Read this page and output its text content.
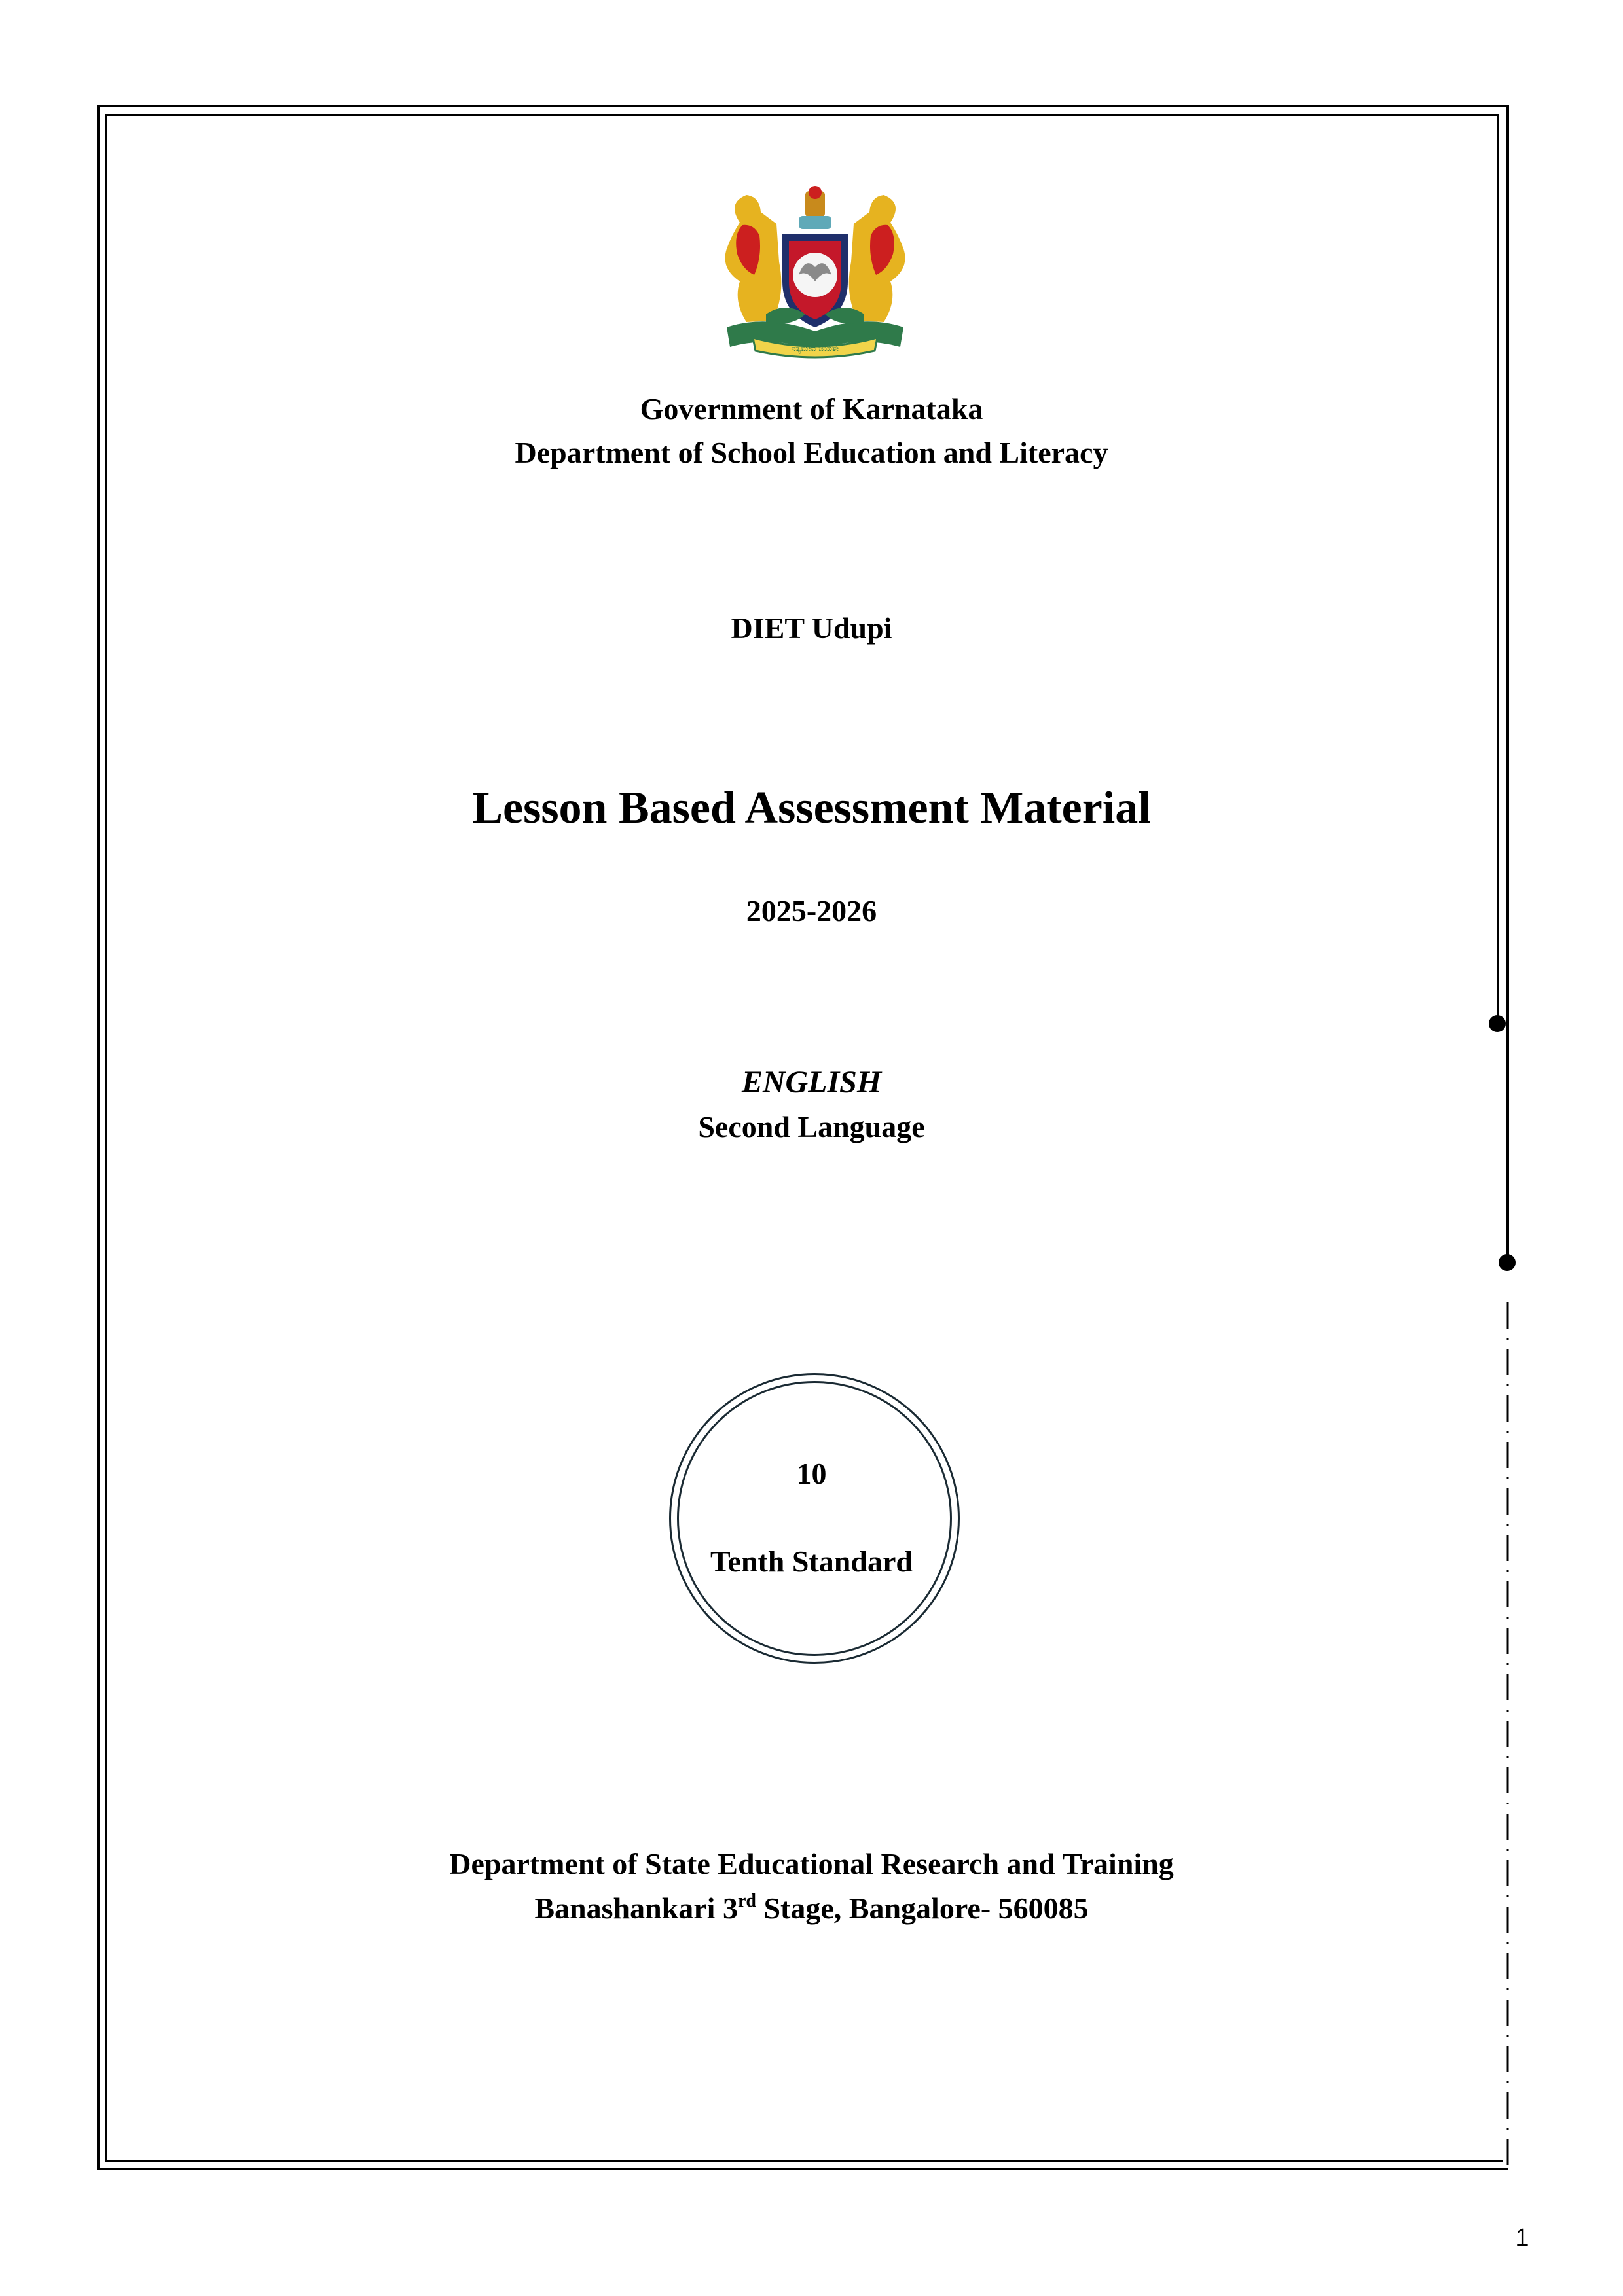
ಸತ್ಯಮೇವ ಜಯತೇ
Government of Karnataka
Department of School Education and Literacy
DIET Udupi
Lesson Based Assessment Material
2025-2026
ENGLISH
Second Language
10
Tenth Standard
Department of State Educational Research and Training
Banashankari 3rd Stage, Bangalore- 560085
1
